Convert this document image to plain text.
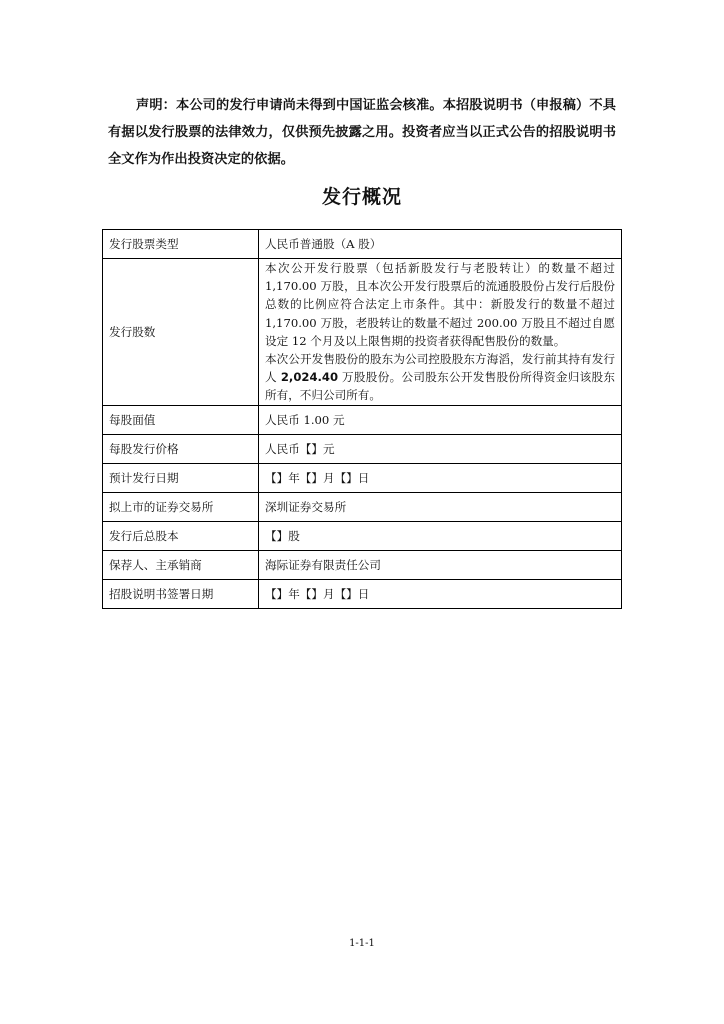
声明：本公司的发行申请尚未得到中国证监会核准。本招股说明书（申报稿）不具有据以发行股票的法律效力，仅供预先披露之用。投资者应当以正式公告的招股说明书全文作为作出投资决定的依据。

发行概况
发行股票类型	人民币普通股（A 股）
发行股数	本次公开发行股票（包括新股发行与老股转让）的数量不超过 1,170.00 万股，且本次公开发行股票后的流通股股份占发行后股份总数的比例应符合法定上市条件。其中：新股发行的数量不超过 1,170.00 万股，老股转让的数量不超过 200.00 万股且不超过自愿设定 12 个月及以上限售期的投资者获得配售股份的数量。
本次公开发售股份的股东为公司控股股东方海滔，发行前其持有发行人 2,024.40 万股股份。公司股东公开发售股份所得资金归该股东所有，不归公司所有。

每股面值	人民币 1.00 元
每股发行价格	人民币【】元
预计发行日期	【】年【】月【】日
拟上市的证券交易所	深圳证券交易所
发行后总股本	【】股
保荐人、主承销商	海际证券有限责任公司
招股说明书签署日期	【】年【】月【】日
1-1-1
